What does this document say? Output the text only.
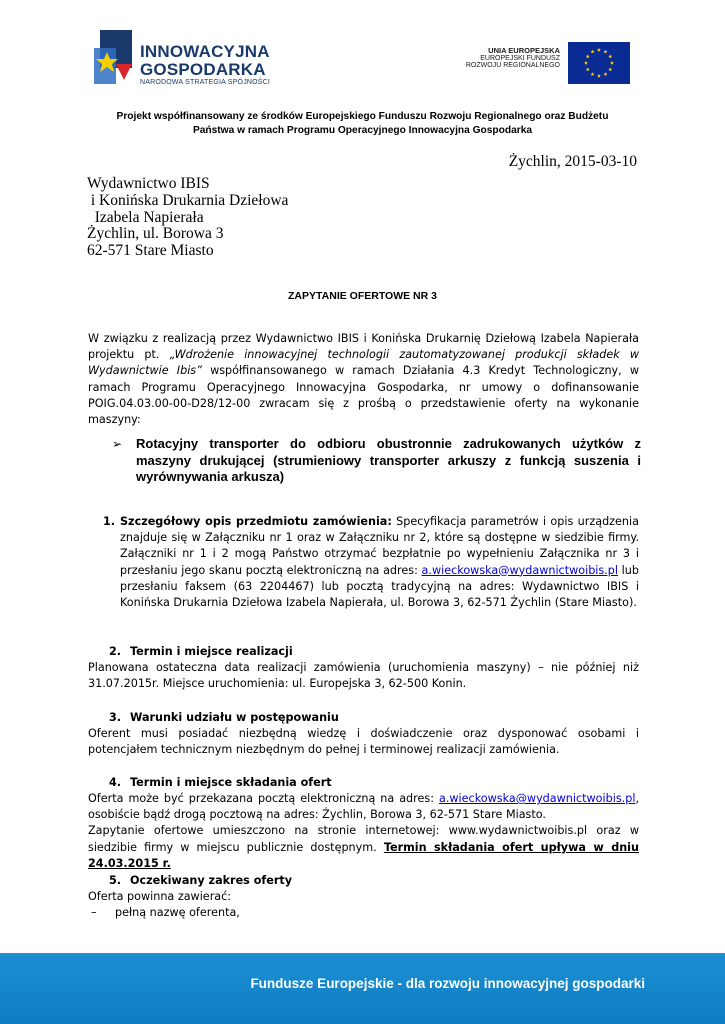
INNOWACYJNA
GOSPODARKA
NARODOWA STRATEGIA SPÓJNOŚCI
UNIA EUROPEJSKA
EUROPEJSKI FUNDUSZ
ROZWOJU REGIONALNEGO
Projekt współfinansowany ze środków Europejskiego Funduszu Rozwoju Regionalnego oraz Budżetu
Państwa w ramach Programu Operacyjnego Innowacyjna Gospodarka
Żychlin, 2015-03-10
Wydawnictwo IBIS
i Konińska Drukarnia Dziełowa
Izabela Napierała
Żychlin, ul. Borowa 3
62-571 Stare Miasto
ZAPYTANIE OFERTOWE NR 3
W związku z realizacją przez Wydawnictwo IBIS i Konińska Drukarnię Dziełową Izabela Napierała projektu pt. „Wdrożenie innowacyjnej technologii zautomatyzowanej produkcji składek w Wydawnictwie Ibis” współfinansowanego w ramach Działania 4.3 Kredyt Technologiczny, w ramach Programu Operacyjnego Innowacyjna Gospodarka, nr umowy o dofinansowanie POIG.04.03.00-00-D28/12-00 zwracam się z prośbą o przedstawienie oferty na wykonanie maszyny:
➢ Rotacyjny transporter do odbioru obustronnie zadrukowanych użytków z maszyny drukującej (strumieniowy transporter arkuszy z funkcją suszenia i wyrównywania arkusza)
1. Szczegółowy opis przedmiotu zamówienia: Specyfikacja parametrów i opis urządzenia znajduje się w Załączniku nr 1 oraz w Załączniku nr 2, które są dostępne w siedzibie firmy. Załączniki nr 1 i 2 mogą Państwo otrzymać bezpłatnie po wypełnieniu Załącznika nr 3 i przesłaniu jego skanu pocztą elektroniczną na adres: a.wieckowska@wydawnictwoibis.pl lub przesłaniu faksem (63 2204467) lub pocztą tradycyjną na adres: Wydawnictwo IBIS i Konińska Drukarnia Dziełowa Izabela Napierała, ul. Borowa 3, 62-571 Żychlin (Stare Miasto).
2. Termin i miejsce realizacji
Planowana ostateczna data realizacji zamówienia (uruchomienia maszyny) – nie później niż 31.07.2015r. Miejsce uruchomienia: ul. Europejska 3, 62-500 Konin.
3. Warunki udziału w postępowaniu
Oferent musi posiadać niezbędną wiedzę i doświadczenie oraz dysponować osobami i potencjałem technicznym niezbędnym do pełnej i terminowej realizacji zamówienia.
4. Termin i miejsce składania ofert
Oferta może być przekazana pocztą elektroniczną na adres: a.wieckowska@wydawnictwoibis.pl, osobiście bądź drogą pocztową na adres: Żychlin, Borowa 3, 62-571 Stare Miasto.
Zapytanie ofertowe umieszczono na stronie internetowej: www.wydawnictwoibis.pl oraz w siedzibie firmy w miejscu publicznie dostępnym. Termin składania ofert upływa w dniu 24.03.2015 r.
5. Oczekiwany zakres oferty
Oferta powinna zawierać:
– pełną nazwę oferenta,
Fundusze Europejskie - dla rozwoju innowacyjnej gospodarki
